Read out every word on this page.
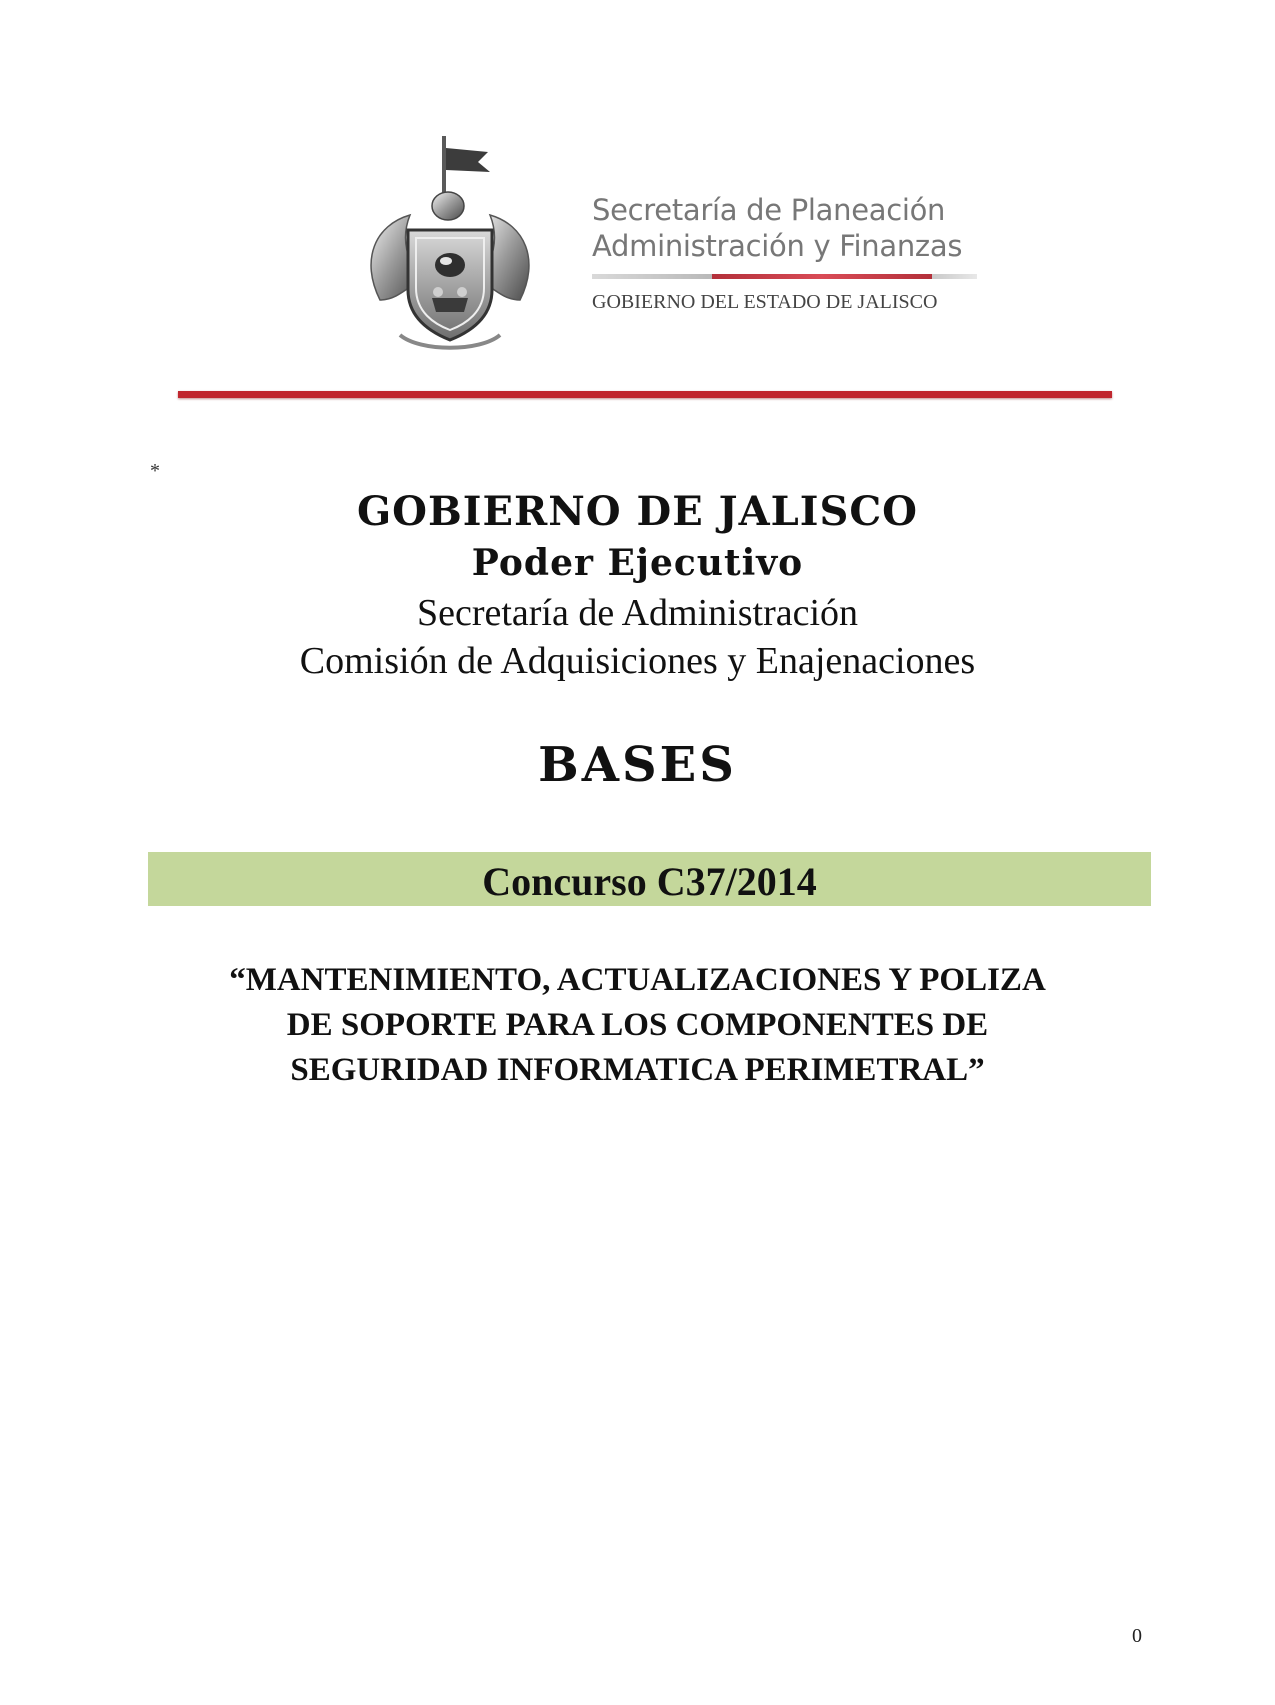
Secretaría de Planeación
Administración y Finanzas
GOBIERNO DEL ESTADO DE JALISCO
*
GOBIERNO DE JALISCO
Poder Ejecutivo
Secretaría de Administración
Comisión de Adquisiciones y Enajenaciones
BASES
Concurso C37/2014
“MANTENIMIENTO, ACTUALIZACIONES Y POLIZA
DE SOPORTE PARA LOS COMPONENTES DE
SEGURIDAD INFORMATICA PERIMETRAL”
0
